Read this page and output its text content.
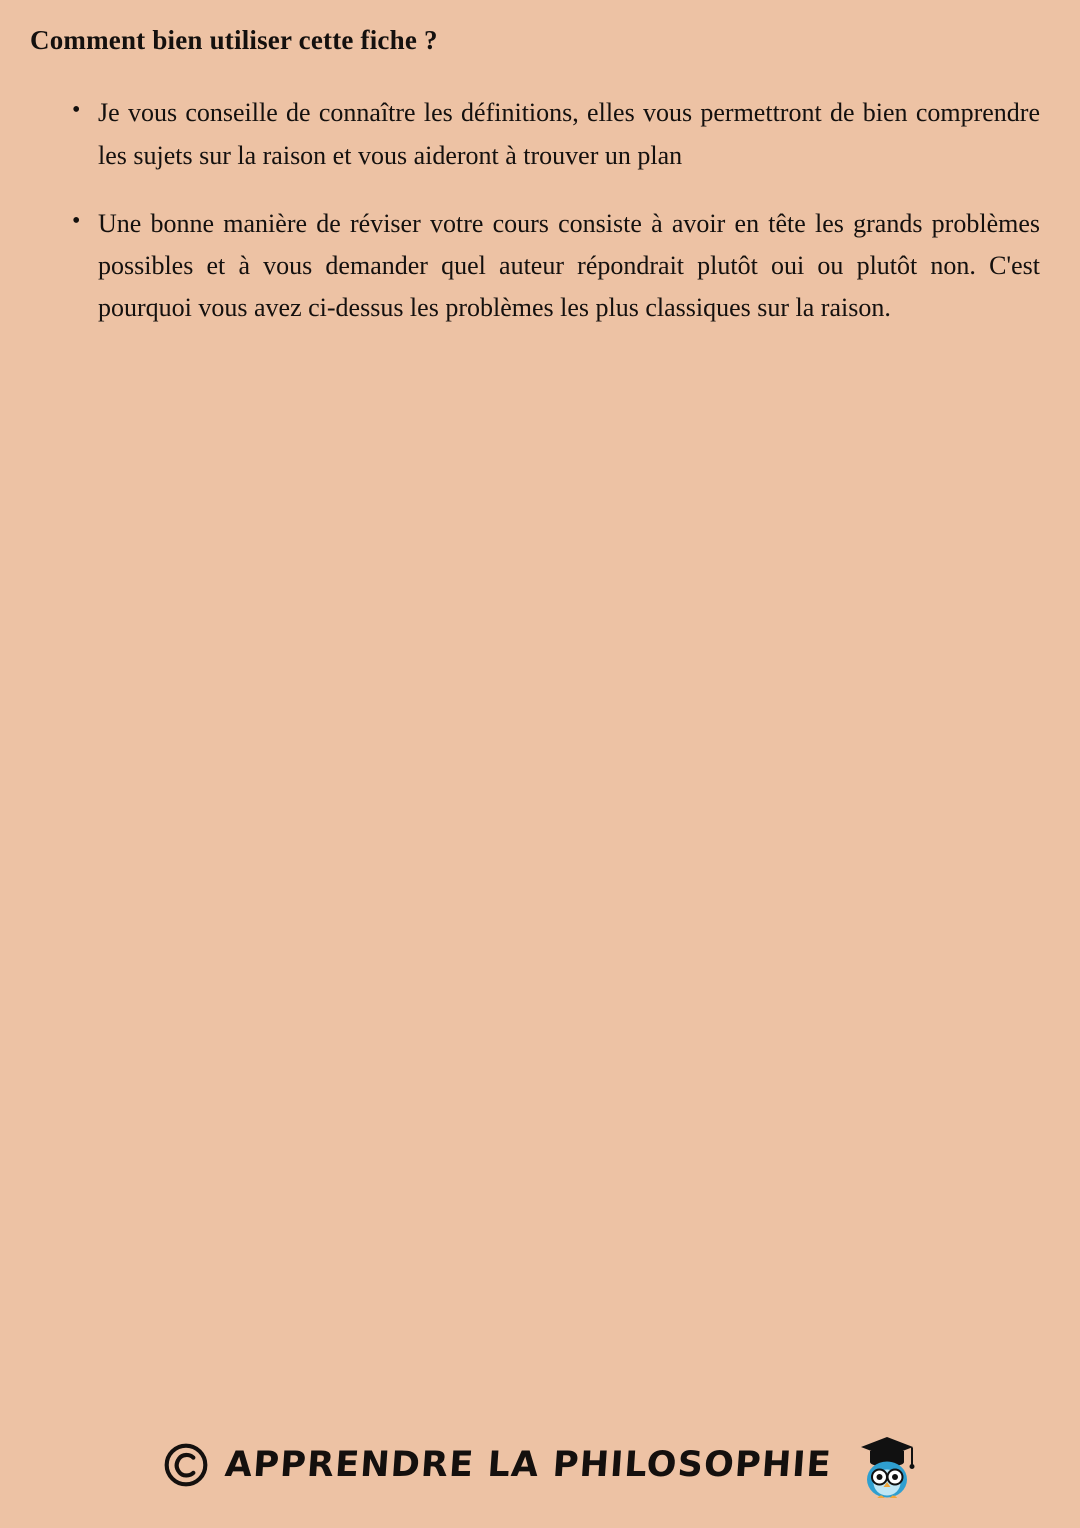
Comment bien utiliser cette fiche ?
• Je vous conseille de connaître les définitions, elles vous permettront de bien comprendre les sujets sur la raison et vous aideront à trouver un plan
• Une bonne manière de réviser votre cours consiste à avoir en tête les grands problèmes possibles et à vous demander quel auteur répondrait plutôt oui ou plutôt non. C'est pourquoi vous avez ci-dessus les problèmes les plus classiques sur la raison.
APPRENDRE LA PHILOSOPHIE
